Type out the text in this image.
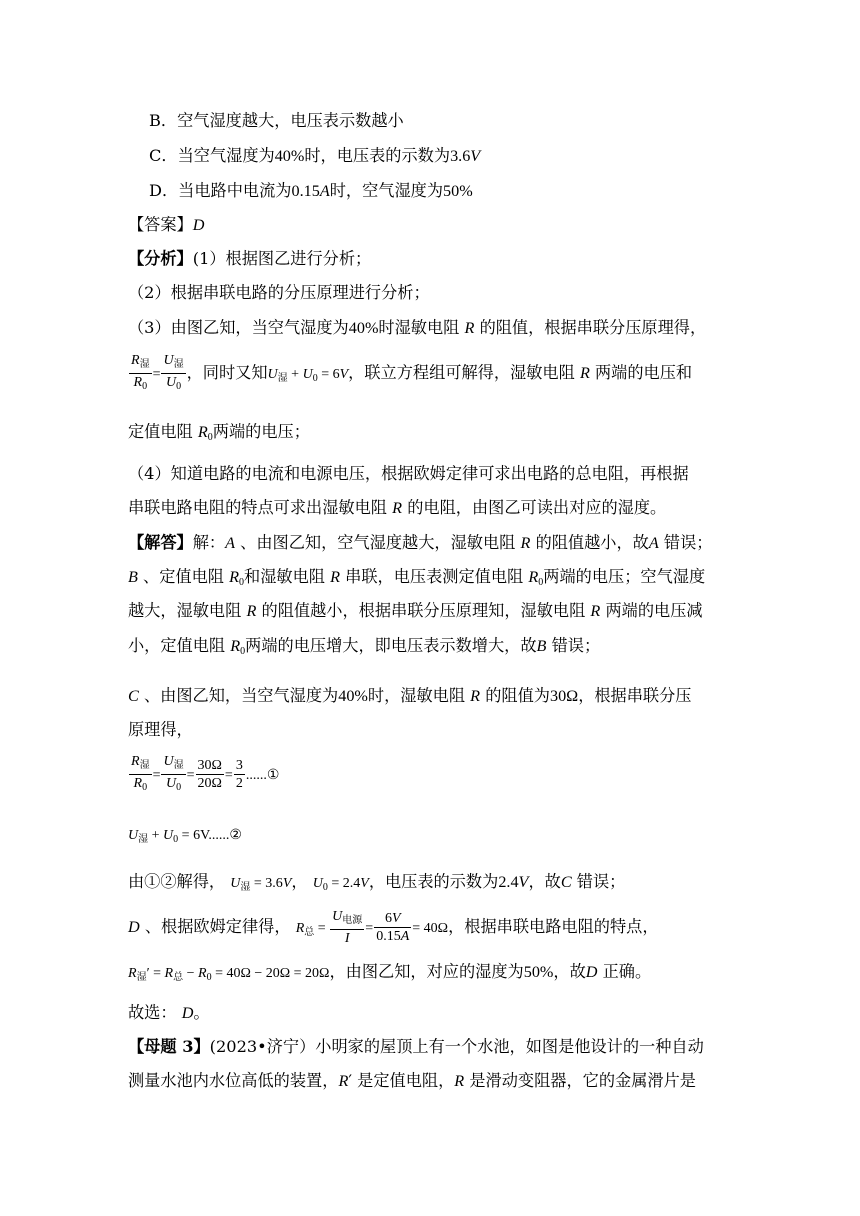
B．空气湿度越大，电压表示数越小
C．当空气湿度为40%时，电压表的示数为3.6V
D．当电路中电流为0.15A时，空气湿度为50%
【答案】D
【分析】(1）根据图乙进行分析；
（2）根据串联电路的分压原理进行分析；
（3）由图乙知，当空气湿度为40%时湿敏电阻 R 的阻值，根据串联分压原理得，
$\frac{R_湿}{R_0} = \frac{U_湿}{U_0}$ ，同时又知$U_湿 + U_0 = 6V$，联立方程组可解得，湿敏电阻 R 两端的电压和
定值电阻 $R_0$两端的电压；
（4）知道电路的电流和电源电压，根据欧姆定律可求出电路的总电阻，再根据
串联电路电阻的特点可求出湿敏电阻 R 的电阻，由图乙可读出对应的湿度。
【解答】解：A 、由图乙知，空气湿度越大，湿敏电阻 R 的阻值越小，故A 错误；
B 、定值电阻 $R_0$和湿敏电阻 R 串联，电压表测定值电阻 $R_0$两端的电压；空气湿度
越大，湿敏电阻 R 的阻值越小，根据串联分压原理知，湿敏电阻 R 两端的电压减
小，定值电阻 $R_0$两端的电压增大，即电压表示数增大，故B 错误；
C 、由图乙知，当空气湿度为40%时，湿敏电阻 R 的阻值为30Ω，根据串联分压
原理得，
$\frac{R_湿}{R_0} = \frac{U_湿}{U_0} = \frac{30\Omega}{20\Omega} = \frac{3}{2}$ ......①
$U_湿 + U_0$ = 6V......②
由①②解得， $U_湿 = 3.6V$， $U_0 = 2.4V$，电压表的示数为2.4V，故C 错误；
D 、根据欧姆定律得， $R_总 = \frac{U_{电源}}{I} = \frac{6V}{0.15A} = 40\Omega$，根据串联电路电阻的特点，
$R_湿' = R_总 - R_0 = 40\Omega - 20\Omega = 20\Omega$，由图乙知，对应的湿度为50%，故D 正确。
故选： D。
【母题 3】(2023•济宁）小明家的屋顶上有一个水池，如图是他设计的一种自动
测量水池内水位高低的装置，R′ 是定值电阻，R 是滑动变阻器，它的金属滑片是
